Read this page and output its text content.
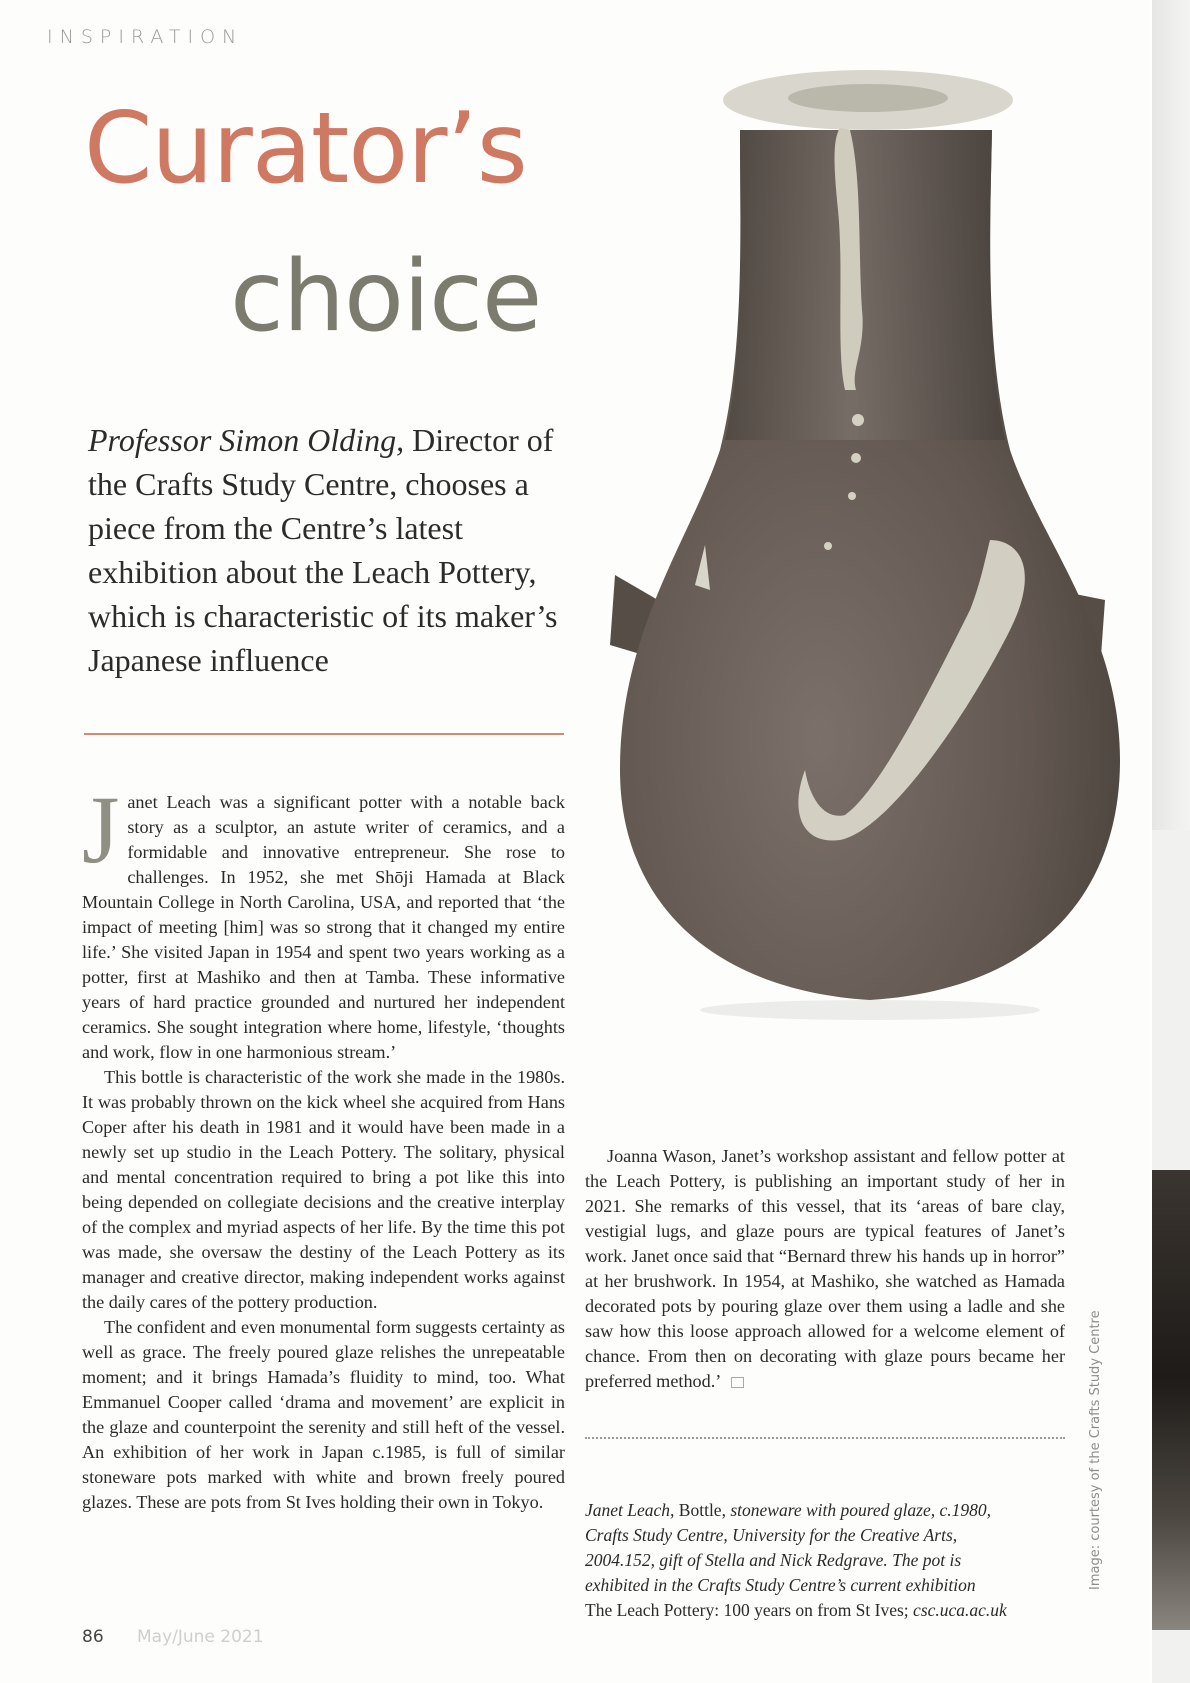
INSPIRATION
Curator’s
choice
Professor Simon Olding, Director of the Crafts Study Centre, chooses a piece from the Centre’s latest exhibition about the Leach Pottery, which is characteristic of its maker’s Japanese influence

Janet Leach was a significant potter with a notable back story as a sculptor, an astute writer of ceramics, and a formidable and innovative entrepreneur. She rose to challenges. In 1952, she met Shōji Hamada at Black Mountain College in North Carolina, USA, and reported that ‘the impact of meeting [him] was so strong that it changed my entire life.’ She visited Japan in 1954 and spent two years working as a potter, first at Mashiko and then at Tamba. These informative years of hard practice grounded and nurtured her independent ceramics. She sought integration where home, lifestyle, ‘thoughts and work, flow in one harmonious stream.’

This bottle is characteristic of the work she made in the 1980s. It was probably thrown on the kick wheel she acquired from Hans Coper after his death in 1981 and it would have been made in a newly set up studio in the Leach Pottery. The solitary, physical and mental concentration required to bring a pot like this into being depended on collegiate decisions and the creative interplay of the complex and myriad aspects of her life. By the time this pot was made, she oversaw the destiny of the Leach Pottery as its manager and creative director, making independent works against the daily cares of the pottery production.

The confident and even monumental form suggests certainty as well as grace. The freely poured glaze relishes the unrepeatable moment; and it brings Hamada’s fluidity to mind, too. What Emmanuel Cooper called ‘drama and movement’ are explicit in the glaze and counterpoint the serenity and still heft of the vessel. An exhibition of her work in Japan c.1985, is full of similar stoneware pots marked with white and brown freely poured glazes. These are pots from St Ives holding their own in Tokyo.

Joanna Wason, Janet’s workshop assistant and fellow potter at the Leach Pottery, is publishing an important study of her in 2021. She remarks of this vessel, that its ‘areas of bare clay, vestigial lugs, and glaze pours are typical features of Janet’s work. Janet once said that “Bernard threw his hands up in horror” at her brushwork. In 1954, at Mashiko, she watched as Hamada decorated pots by pouring glaze over them using a ladle and she saw how this loose approach allowed for a welcome element of chance. From then on decorating with glaze pours became her preferred method.’

Janet Leach, Bottle, stoneware with poured glaze, c.1980,
Crafts Study Centre, University for the Creative Arts,
2004.152, gift of Stella and Nick Redgrave. The pot is
exhibited in the Crafts Study Centre’s current exhibition
The Leach Pottery: 100 years on from St Ives; csc.uca.ac.uk
Image: courtesy of the Crafts Study Centre
86 May/June 2021
